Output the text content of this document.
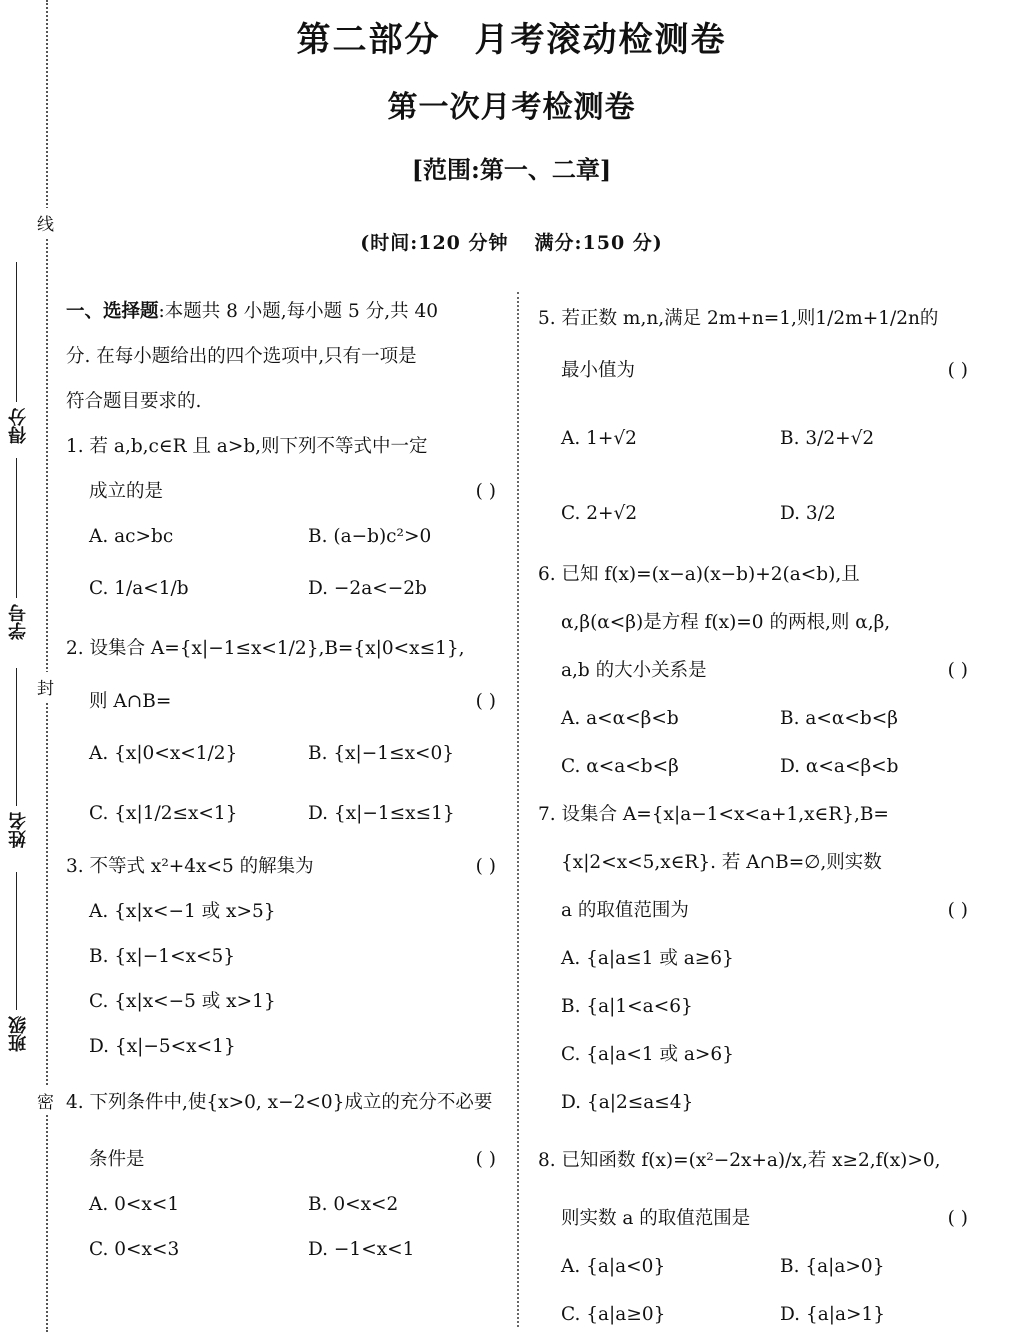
线
封
密
得分
学号
姓名
班级
第二部分 月考滚动检测卷
第一次月考检测卷
[范围:第一、二章]
(时间:120 分钟 满分:150 分)
一、选择题:本题共 8 小题,每小题 5 分,共 40
分. 在每小题给出的四个选项中,只有一项是
符合题目要求的.
1. 若 a,b,c∈R 且 a>b,则下列不等式中一定
成立的是	( )
A. ac>bc	B. (a−b)c²>0
C. 1/a<1/b	D. −2a<−2b
2. 设集合 A={x|−1≤x<1/2},B={x|0<x≤1},
则 A∩B=	( )
A. {x|0<x<1/2}	B. {x|−1≤x<0}
C. {x|1/2≤x<1}	D. {x|−1≤x≤1}
3. 不等式 x²+4x<5 的解集为	( )
A. {x|x<−1 或 x>5}
B. {x|−1<x<5}
C. {x|x<−5 或 x>1}
D. {x|−5<x<1}
4. 下列条件中,使{x>0, x−2<0}成立的充分不必要
条件是	( )
A. 0<x<1	B. 0<x<2
C. 0<x<3	D. −1<x<1
5. 若正数 m,n,满足 2m+n=1,则1/2m+1/2n的
最小值为	( )
A. 1+√2	B. 3/2+√2
C. 2+√2	D. 3/2
6. 已知 f(x)=(x−a)(x−b)+2(a<b),且
α,β(α<β)是方程 f(x)=0 的两根,则 α,β,
a,b 的大小关系是	( )
A. a<α<β<b	B. a<α<b<β
C. α<a<b<β	D. α<a<β<b
7. 设集合 A={x|a−1<x<a+1,x∈R},B=
{x|2<x<5,x∈R}. 若 A∩B=∅,则实数
a 的取值范围为	( )
A. {a|a≤1 或 a≥6}
B. {a|1<a<6}
C. {a|a<1 或 a>6}
D. {a|2≤a≤4}
8. 已知函数 f(x)=(x²−2x+a)/x,若 x≥2,f(x)>0,
则实数 a 的取值范围是	( )
A. {a|a<0}	B. {a|a>0}
C. {a|a≥0}	D. {a|a>1}
